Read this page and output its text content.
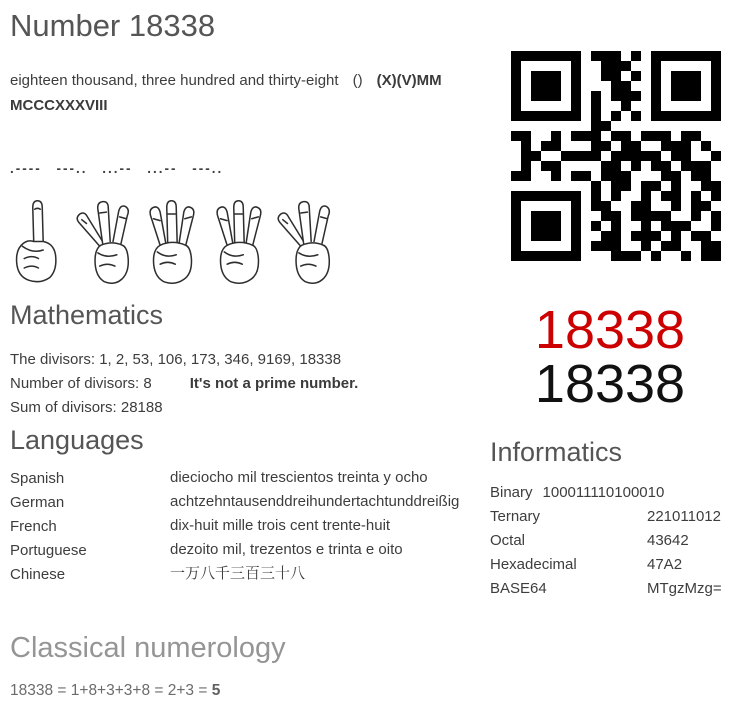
Number 18338
eighteen thousand, three hundred and thirty-eight () (X)(V)MM MCCCXXXVIII
.---- ---.. ...-- ...-- ---..
Mathematics
The divisors: 1, 2, 53, 106, 173, 346, 9169, 18338
Number of divisors: 8	It's not a prime number.
Sum of divisors: 28188
18338
18338
Languages
Spanish	dieciocho mil trescientos treinta y ocho
German	achtzehntausenddreihundertachtunddreißig
French	dix-huit mille trois cent trente-huit
Portuguese	dezoito mil, trezentos e trinta e oito
Chinese	一万八千三百三十八
Informatics
Binary 100011110100010
Ternary	221011012
Octal	43642
Hexadecimal	47A2
BASE64	MTgzMzg=
Classical numerology
18338 = 1+8+3+3+8 = 2+3 = 5
